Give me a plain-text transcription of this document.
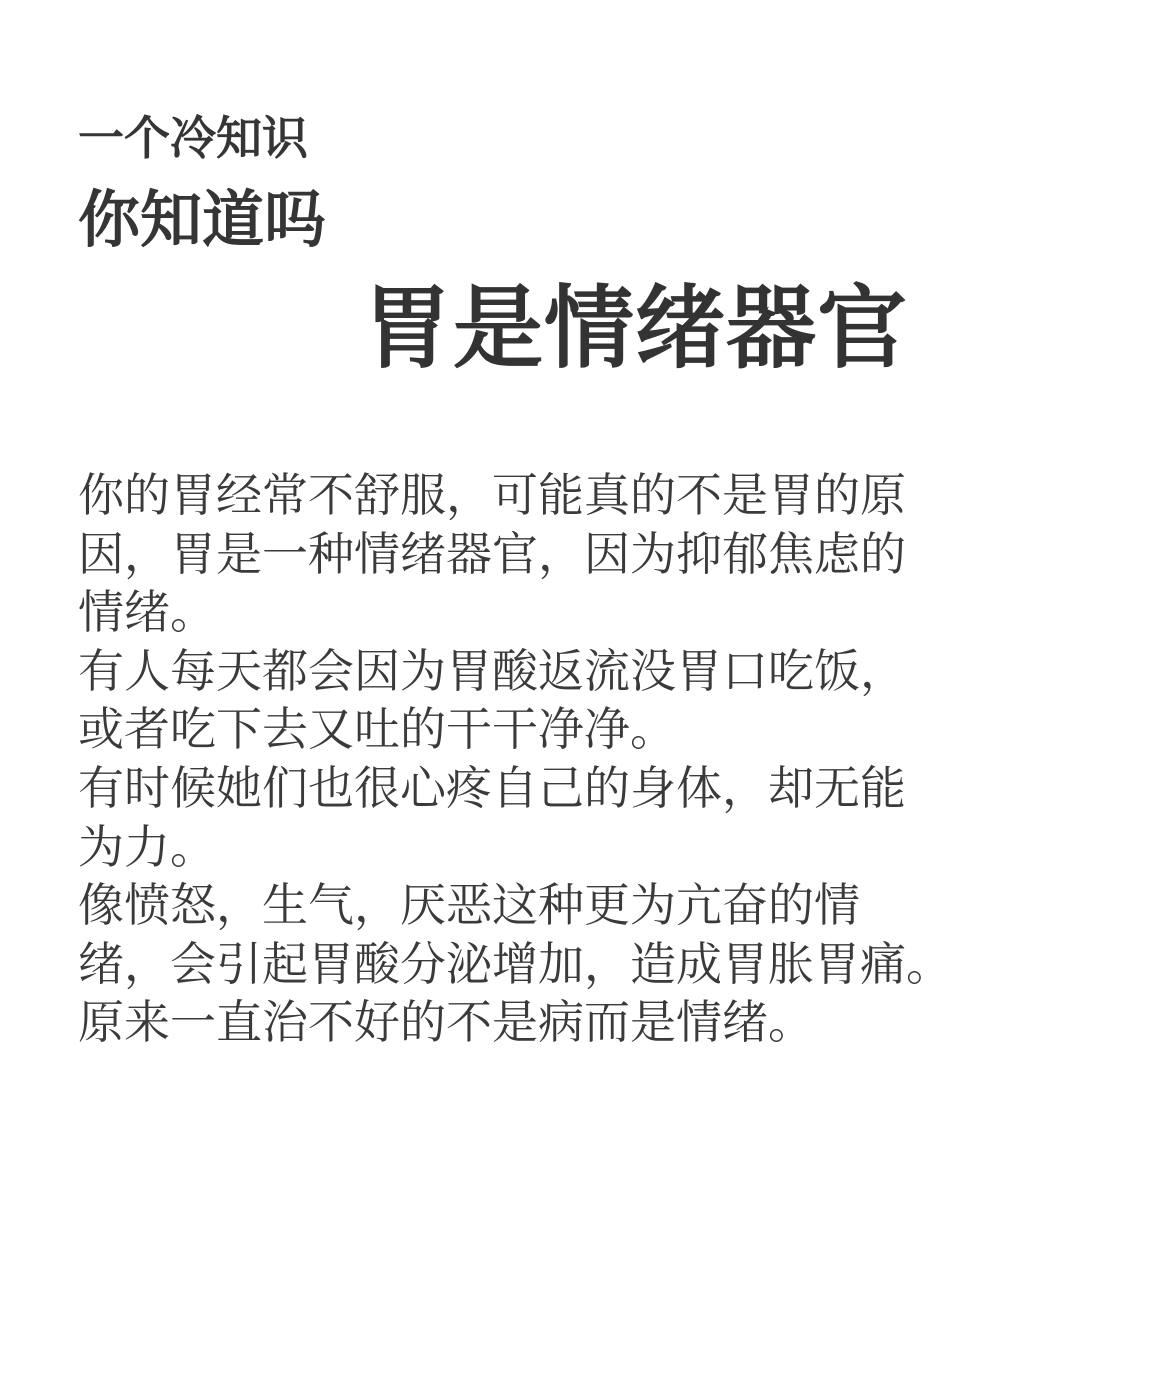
一个冷知识
你知道吗
胃是情绪器官
你的胃经常不舒服，可能真的不是胃的原
因，胃是一种情绪器官，因为抑郁焦虑的
情绪。
有人每天都会因为胃酸返流没胃口吃饭，
或者吃下去又吐的干干净净。
有时候她们也很心疼自己的身体，却无能
为力。
像愤怒，生气，厌恶这种更为亢奋的情
绪，会引起胃酸分泌增加，造成胃胀胃痛。
原来一直治不好的不是病而是情绪。
